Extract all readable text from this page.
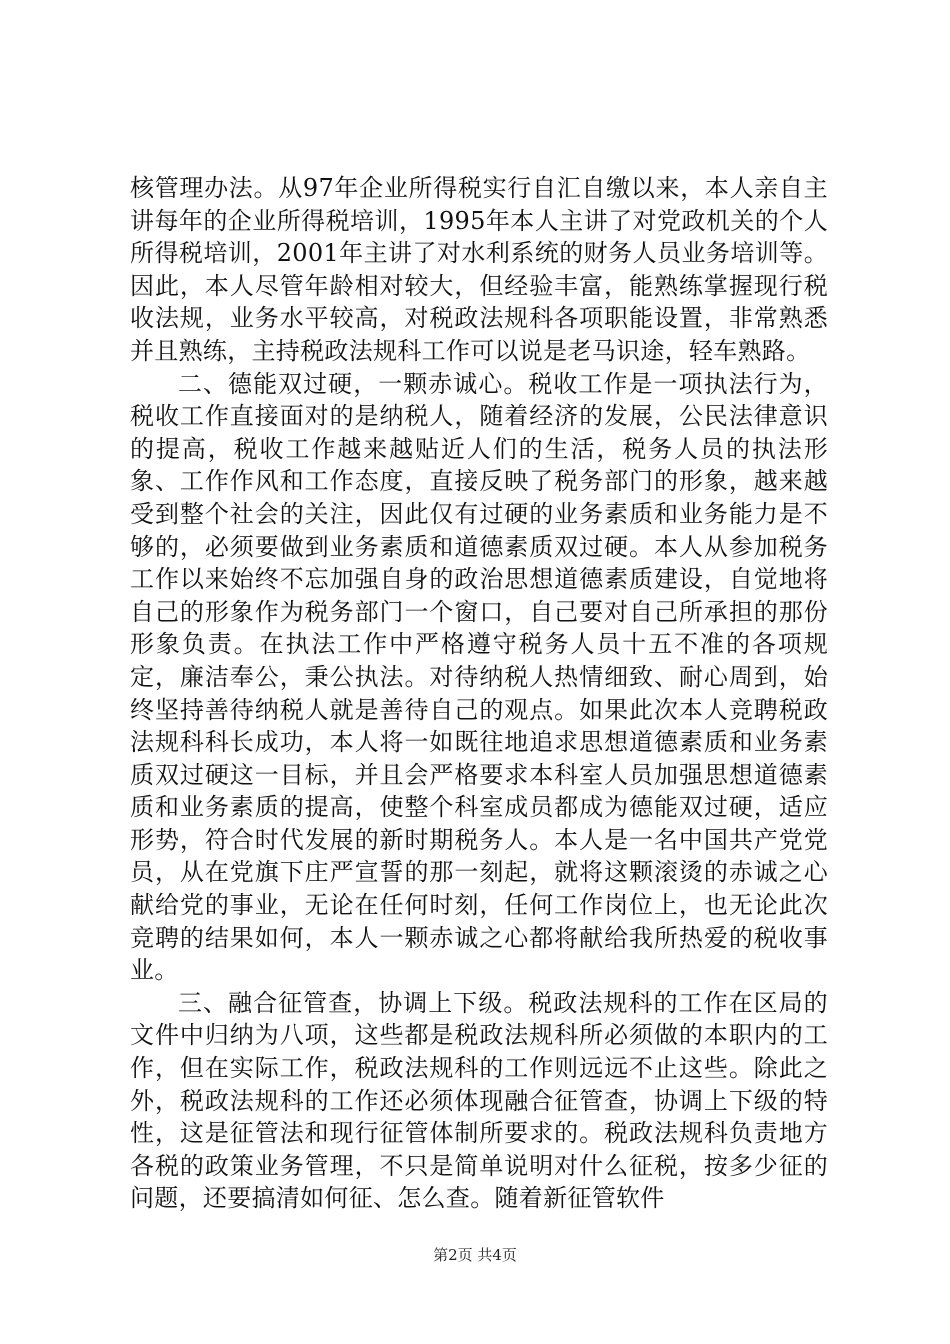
核管理办法。从97年企业所得税实行自汇自缴以来，本人亲自主讲每年的企业所得税培训，1995年本人主讲了对党政机关的个人所得税培训，2001年主讲了对水利系统的财务人员业务培训等。因此，本人尽管年龄相对较大，但经验丰富，能熟练掌握现行税收法规，业务水平较高，对税政法规科各项职能设置，非常熟悉并且熟练，主持税政法规科工作可以说是老马识途，轻车熟路。

二、德能双过硬，一颗赤诚心。税收工作是一项执法行为，税收工作直接面对的是纳税人，随着经济的发展，公民法律意识的提高，税收工作越来越贴近人们的生活，税务人员的执法形象、工作作风和工作态度，直接反映了税务部门的形象，越来越受到整个社会的关注，因此仅有过硬的业务素质和业务能力是不够的，必须要做到业务素质和道德素质双过硬。本人从参加税务工作以来始终不忘加强自身的政治思想道德素质建设，自觉地将自己的形象作为税务部门一个窗口，自己要对自己所承担的那份形象负责。在执法工作中严格遵守税务人员十五不准的各项规定，廉洁奉公，秉公执法。对待纳税人热情细致、耐心周到，始终坚持善待纳税人就是善待自己的观点。如果此次本人竞聘税政法规科科长成功，本人将一如既往地追求思想道德素质和业务素质双过硬这一目标，并且会严格要求本科室人员加强思想道德素质和业务素质的提高，使整个科室成员都成为德能双过硬，适应形势，符合时代发展的新时期税务人。本人是一名中国共产党党员，从在党旗下庄严宣誓的那一刻起，就将这颗滚烫的赤诚之心献给党的事业，无论在任何时刻，任何工作岗位上，也无论此次竞聘的结果如何，本人一颗赤诚之心都将献给我所热爱的税收事业。

三、融合征管查，协调上下级。税政法规科的工作在区局的文件中归纳为八项，这些都是税政法规科所必须做的本职内的工作，但在实际工作，税政法规科的工作则远远不止这些。除此之外，税政法规科的工作还必须体现融合征管查，协调上下级的特性，这是征管法和现行征管体制所要求的。税政法规科负责地方各税的政策业务管理，不只是简单说明对什么征税，按多少征的问题，还要搞清如何征、怎么查。随着新征管软件

第2页 共4页
